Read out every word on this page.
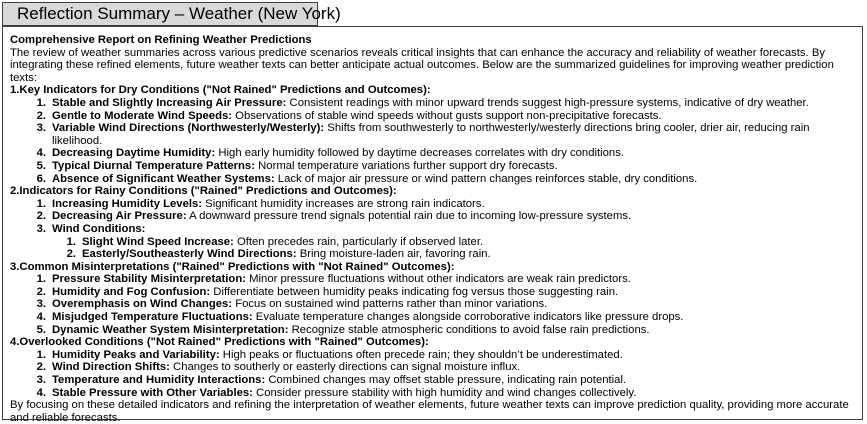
Reflection Summary – Weather (New York)
Comprehensive Report on Refining Weather Predictions

The review of weather summaries across various predictive scenarios reveals critical insights that can enhance the accuracy and reliability of weather forecasts. By integrating these refined elements, future weather texts can better anticipate actual outcomes. Below are the summarized guidelines for improving weather prediction texts:

1.Key Indicators for Dry Conditions ("Not Rained" Predictions and Outcomes):
1. Stable and Slightly Increasing Air Pressure: Consistent readings with minor upward trends suggest high-pressure systems, indicative of dry weather.
2. Gentle to Moderate Wind Speeds: Observations of stable wind speeds without gusts support non-precipitative forecasts.
3. Variable Wind Directions (Northwesterly/Westerly): Shifts from southwesterly to northwesterly/westerly directions bring cooler, drier air, reducing rain likelihood.
4. Decreasing Daytime Humidity: High early humidity followed by daytime decreases correlates with dry conditions.
5. Typical Diurnal Temperature Patterns: Normal temperature variations further support dry forecasts.
6. Absence of Significant Weather Systems: Lack of major air pressure or wind pattern changes reinforces stable, dry conditions.
2.Indicators for Rainy Conditions ("Rained" Predictions and Outcomes):
1. Increasing Humidity Levels: Significant humidity increases are strong rain indicators.
2. Decreasing Air Pressure: A downward pressure trend signals potential rain due to incoming low-pressure systems.
3. Wind Conditions:
1. Slight Wind Speed Increase: Often precedes rain, particularly if observed later.
2. Easterly/Southeasterly Wind Directions: Bring moisture-laden air, favoring rain.
3.Common Misinterpretations ("Rained" Predictions with "Not Rained" Outcomes):
1. Pressure Stability Misinterpretation: Minor pressure fluctuations without other indicators are weak rain predictors.
2. Humidity and Fog Confusion: Differentiate between humidity peaks indicating fog versus those suggesting rain.
3. Overemphasis on Wind Changes: Focus on sustained wind patterns rather than minor variations.
4. Misjudged Temperature Fluctuations: Evaluate temperature changes alongside corroborative indicators like pressure drops.
5. Dynamic Weather System Misinterpretation: Recognize stable atmospheric conditions to avoid false rain predictions.
4.Overlooked Conditions ("Not Rained" Predictions with "Rained" Outcomes):
1. Humidity Peaks and Variability: High peaks or fluctuations often precede rain; they shouldn’t be underestimated.
2. Wind Direction Shifts: Changes to southerly or easterly directions can signal moisture influx.
3. Temperature and Humidity Interactions: Combined changes may offset stable pressure, indicating rain potential.
4. Stable Pressure with Other Variables: Consider pressure stability with high humidity and wind changes collectively.

By focusing on these detailed indicators and refining the interpretation of weather elements, future weather texts can improve prediction quality, providing more accurate and reliable forecasts.
